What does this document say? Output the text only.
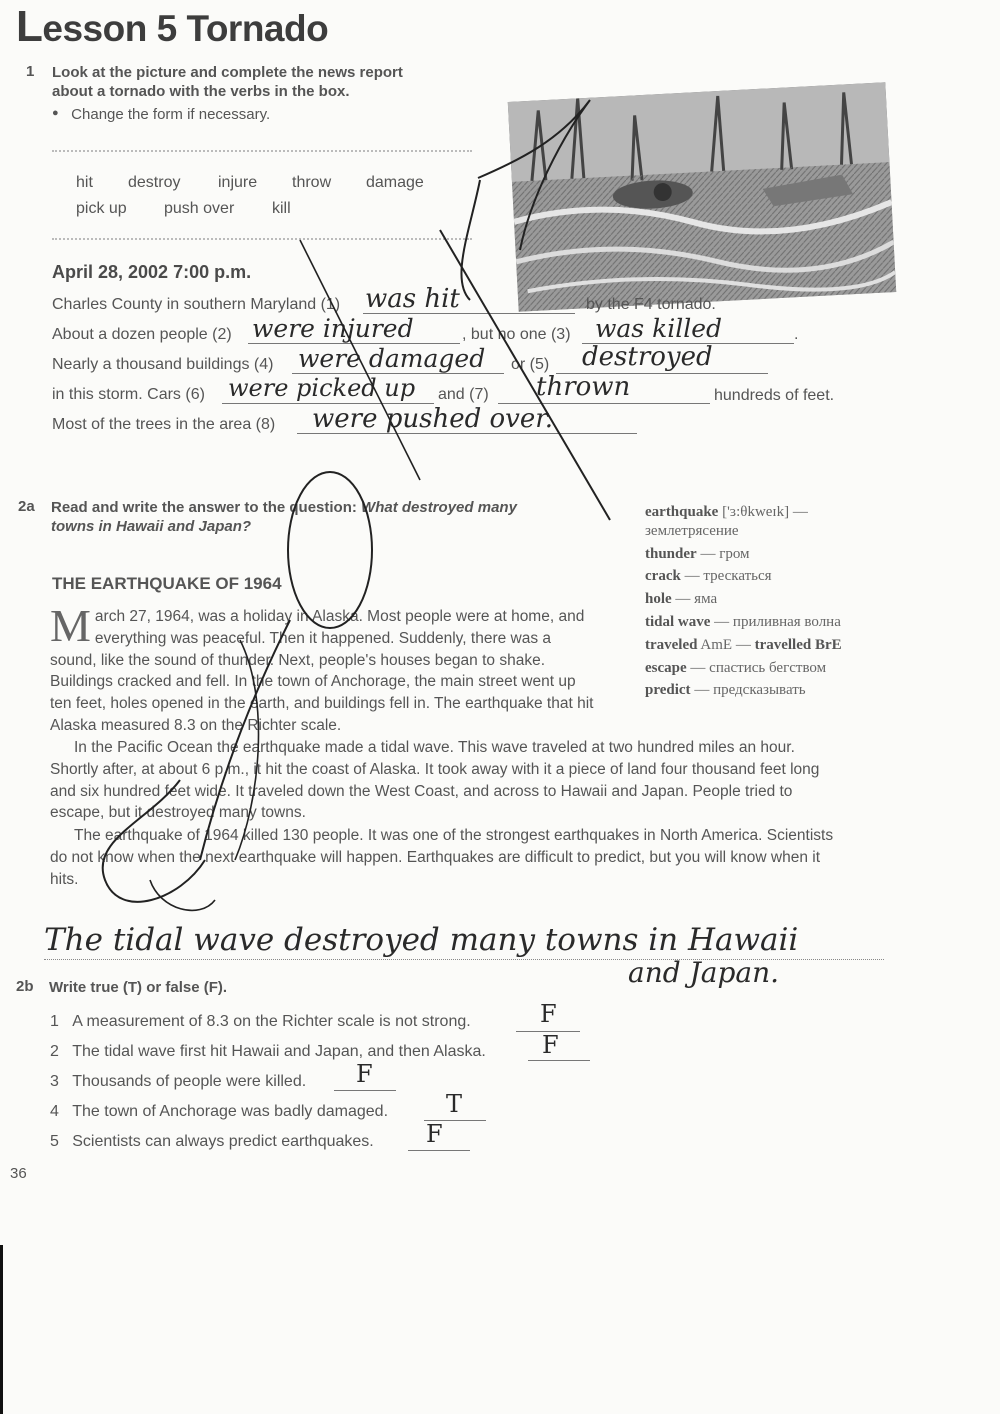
Lesson 5 Tornado
1 Look at the picture and complete the news report
about a tornado with the verbs in the box.
● Change the form if necessary.
hit destroy injure throw damage
pick up push over kill
April 28, 2002 7:00 p.m.
Charles County in southern Maryland (1)	by the F4 tornado.
About a dozen people (2)	, but no one (3)	.
Nearly a thousand buildings (4)	or (5)
in this storm. Cars (6)	and (7)	hundreds of feet.
Most of the trees in the area (8)
was hit
were injured	was killed
were damaged	destroyed
were picked up	thrown
were pushed over.
2a Read and write the answer to the question: What destroyed many
towns in Hawaii and Japan?
THE EARTHQUAKE OF 1964
March 27, 1964, was a holiday in Alaska. Most people were at home, and everything was peaceful. Then it happened. Suddenly, there was a sound, like the sound of thunder. Next, people's houses began to shake. Buildings cracked and fell. In the town of Anchorage, the main street went up ten feet, holes opened in the earth, and buildings fell in. The earthquake that hit Alaska measured 8.3 on the Richter scale.
In the Pacific Ocean the earthquake made a tidal wave. This wave traveled at two hundred miles an hour. Shortly after, at about 6 p.m., it hit the coast of Alaska. It took away with it a piece of land four thousand feet long and six hundred feet wide. It traveled down the West Coast, and across to Hawaii and Japan. People tried to escape, but it destroyed many towns.
The earthquake of 1964 killed 130 people. It was one of the strongest earthquakes in North America. Scientists do not know when the next earthquake will happen. Earthquakes are difficult to predict, but you will know when it hits.
earthquake ['ɜ:θkweɪk] —
землетрясение
thunder — гром
crack — трескаться
hole — яма
tidal wave — приливная волна
traveled AmE — travelled BrE
escape — спастись бегством
predict — предсказывать
The tidal wave destroyed many towns in Hawaii
and Japan.
2b Write true (T) or false (F).
1 A measurement of 8.3 on the Richter scale is not strong.	F
2 The tidal wave first hit Hawaii and Japan, and then Alaska. F
3 Thousands of people were killed. F
4 The town of Anchorage was badly damaged. T
5 Scientists can always predict earthquakes. F
36
